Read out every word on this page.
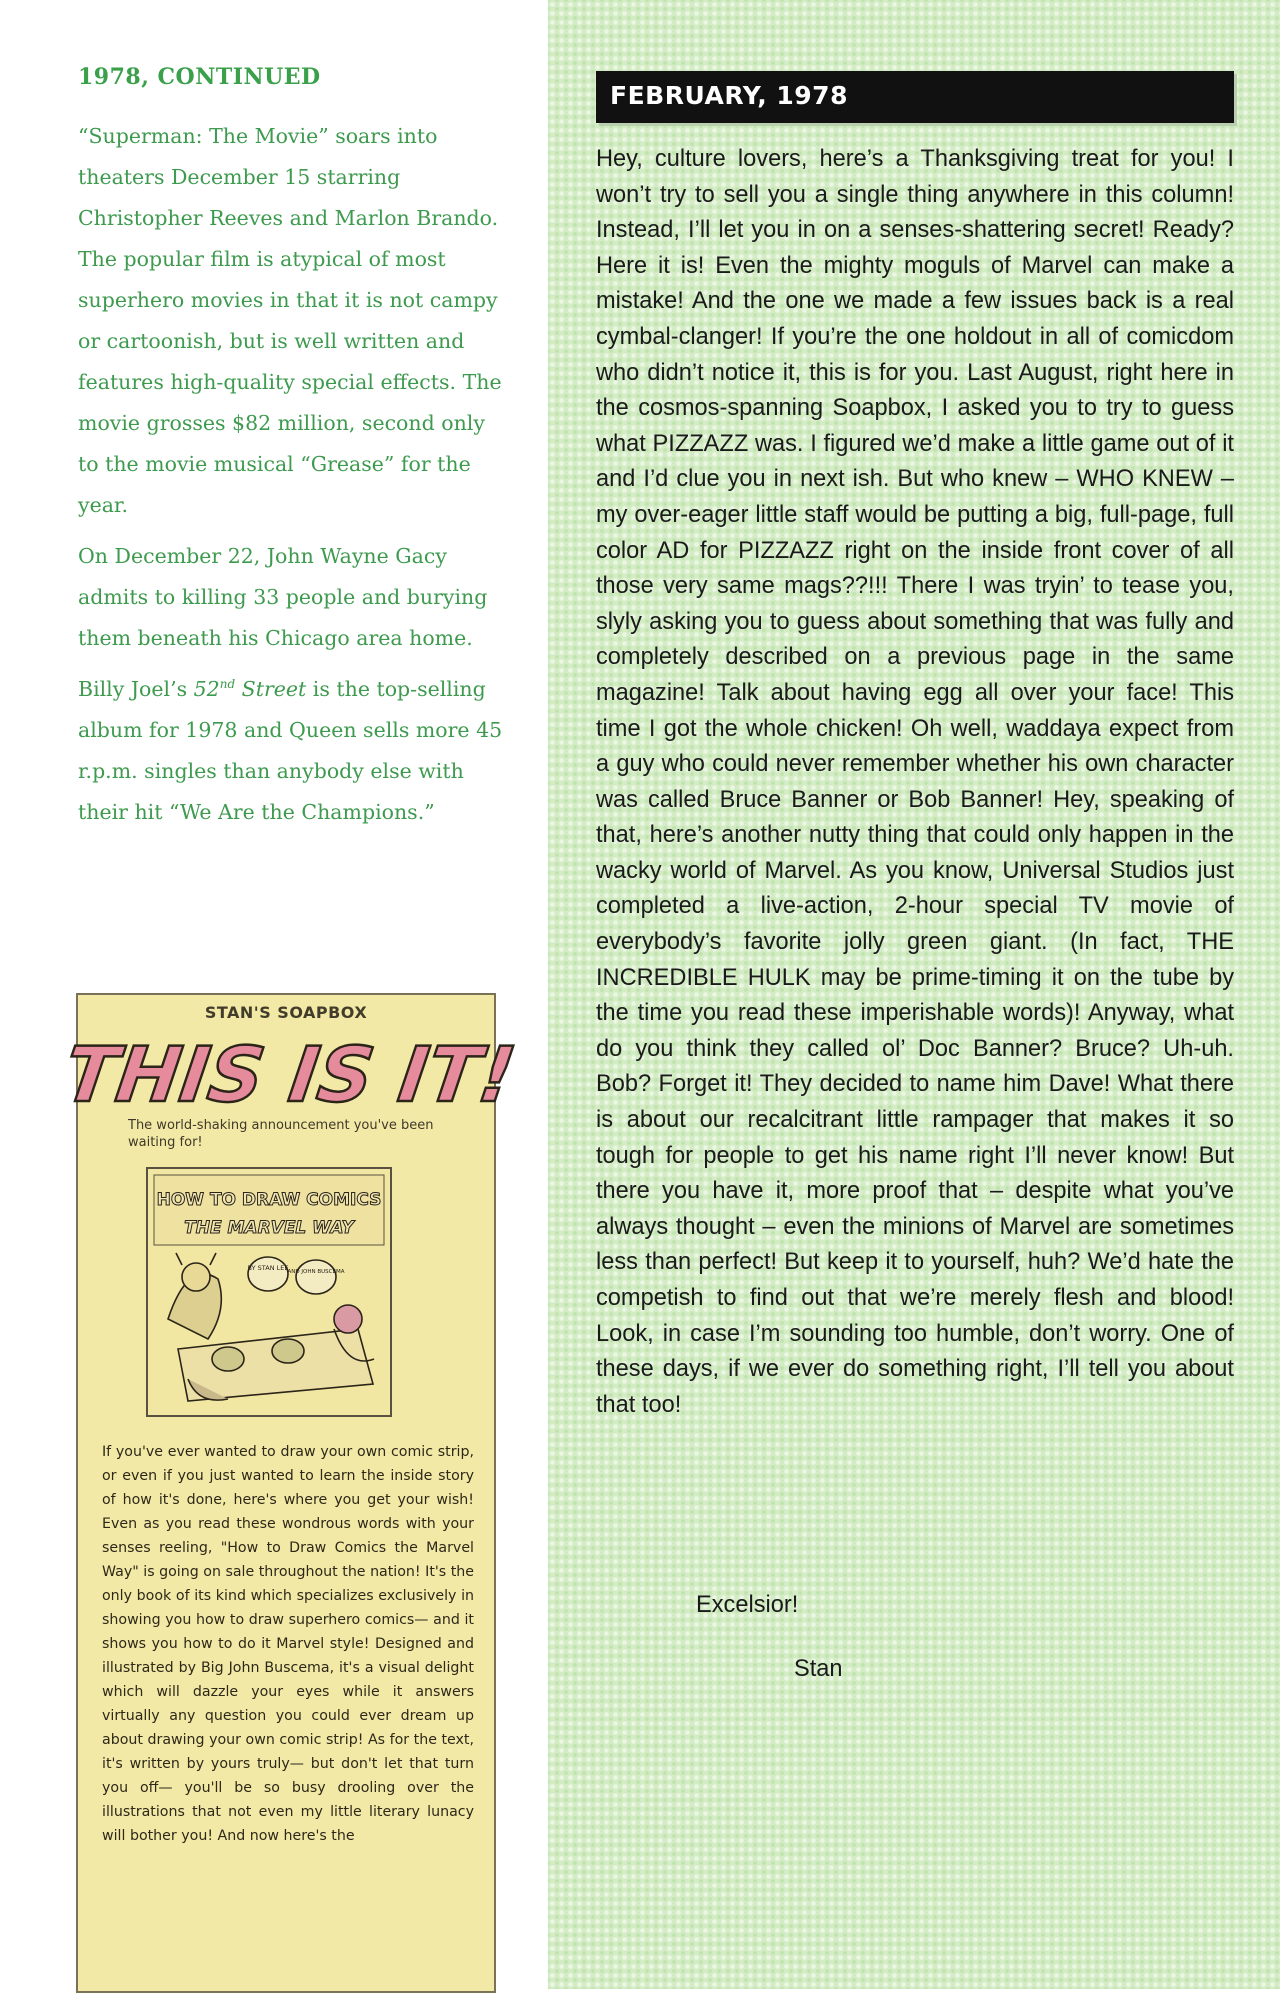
1978, CONTINUED

“Superman: The Movie” soars into theaters December 15 starring Christopher Reeves and Marlon Brando. The popular film is atypical of most superhero movies in that it is not campy or cartoonish, but is well written and features high-quality special effects. The movie grosses $82 million, second only to the movie musical “Grease” for the year.

On December 22, John Wayne Gacy admits to killing 33 people and burying them beneath his Chicago area home.

Billy Joel’s 52nd Street is the top-selling album for 1978 and Queen sells more 45 r.p.m. singles than anybody else with their hit “We Are the Champions.”

STAN'S SOAPBOX
THIS IS IT!
The world-shaking announcement you've been waiting for!
HOW TO DRAW COMICS
THE MARVEL WAY
BY STAN LEE AND JOHN BUSCEMA
If you've ever wanted to draw your own comic strip, or even if you just wanted to learn the inside story of how it's done, here's where you get your wish! Even as you read these wondrous words with your senses reeling, "How to Draw Comics the Marvel Way" is going on sale throughout the nation! It's the only book of its kind which specializes exclusively in showing you how to draw superhero comics— and it shows you how to do it Marvel style! Designed and illustrated by Big John Buscema, it's a visual delight which will dazzle your eyes while it answers virtually any question you could ever dream up about drawing your own comic strip! As for the text, it's written by yours truly— but don't let that turn you off— you'll be so busy drooling over the illustrations that not even my little literary lunacy will bother you! And now here's the
FEBRUARY, 1978
Hey, culture lovers, here’s a Thanksgiving treat for you! I won’t try to sell you a single thing anywhere in this column! Instead, I’ll let you in on a senses-shattering secret! Ready? Here it is! Even the mighty moguls of Marvel can make a mistake! And the one we made a few issues back is a real cymbal-clanger! If you’re the one holdout in all of comicdom who didn’t notice it, this is for you. Last August, right here in the cosmos-spanning Soapbox, I asked you to try to guess what PIZZAZZ was. I figured we’d make a little game out of it and I’d clue you in next ish. But who knew – WHO KNEW – my over-eager little staff would be putting a big, full-page, full color AD for PIZZAZZ right on the inside front cover of all those very same mags??!!! There I was tryin’ to tease you, slyly asking you to guess about something that was fully and completely described on a previous page in the same magazine! Talk about having egg all over your face! This time I got the whole chicken! Oh well, waddaya expect from a guy who could never remember whether his own character was called Bruce Banner or Bob Banner! Hey, speaking of that, here’s another nutty thing that could only happen in the wacky world of Marvel. As you know, Universal Studios just completed a live-action, 2-hour special TV movie of everybody’s favorite jolly green giant. (In fact, THE INCREDIBLE HULK may be prime-timing it on the tube by the time you read these imperishable words)! Anyway, what do you think they called ol’ Doc Banner? Bruce? Uh-uh. Bob? Forget it! They decided to name him Dave! What there is about our recalcitrant little rampager that makes it so tough for people to get his name right I’ll never know! But there you have it, more proof that – despite what you’ve always thought – even the minions of Marvel are sometimes less than perfect! But keep it to yourself, huh? We’d hate the competish to find out that we’re merely flesh and blood! Look, in case I’m sounding too humble, don’t worry. One of these days, if we ever do something right, I’ll tell you about that too!
Excelsior!
Stan
